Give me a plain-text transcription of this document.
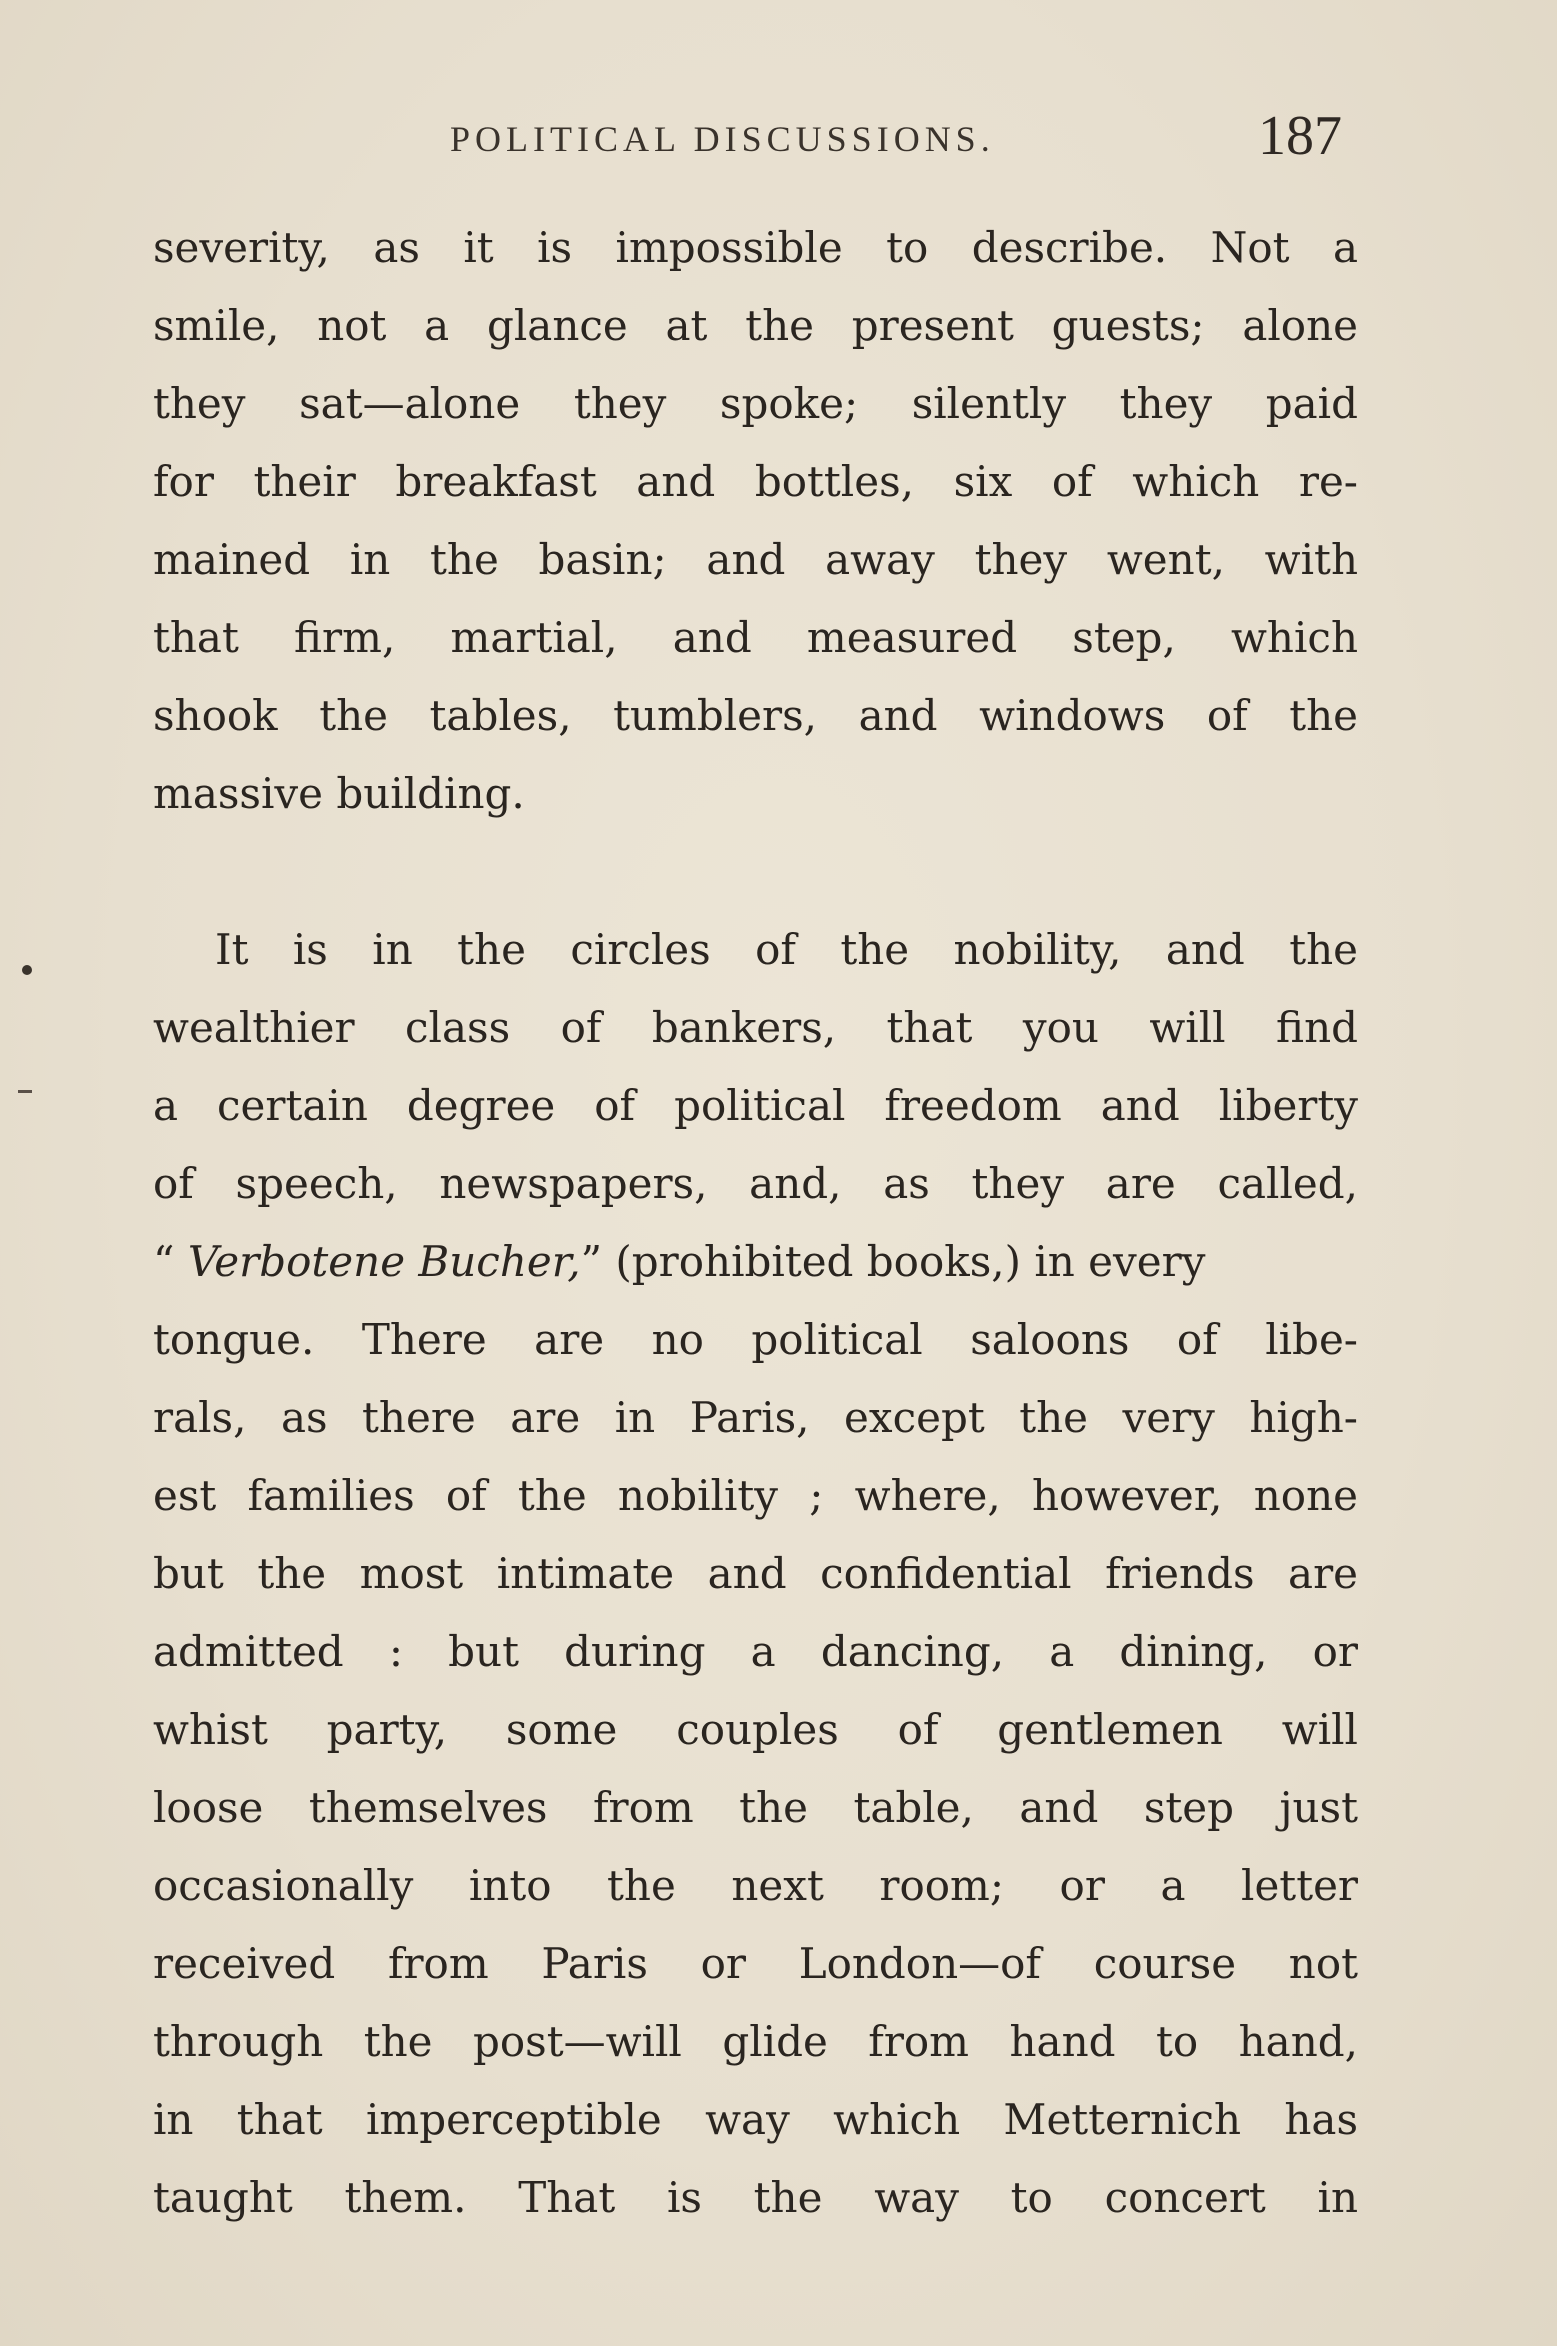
POLITICAL DISCUSSIONS.	187
severity, as it is impossible to describe. Not a
smile, not a glance at the present guests; alone
they sat—alone they spoke; silently they paid
for their breakfast and bottles, six of which re-
mained in the basin; and away they went, with
that firm, martial, and measured step, which
shook the tables, tumblers, and windows of the
massive building.
It is in the circles of the nobility, and the
wealthier class of bankers, that you will find
a certain degree of political freedom and liberty
of speech, newspapers, and, as they are called,
“ Verbotene Bucher,” (prohibited books,) in every
tongue. There are no political saloons of libe-
rals, as there are in Paris, except the very high-
est families of the nobility ; where, however, none
but the most intimate and confidential friends are
admitted : but during a dancing, a dining, or
whist party, some couples of gentlemen will
loose themselves from the table, and step just
occasionally into the next room; or a letter
received from Paris or London—of course not
through the post—will glide from hand to hand,
in that imperceptible way which Metternich has
taught them. That is the way to concert in
